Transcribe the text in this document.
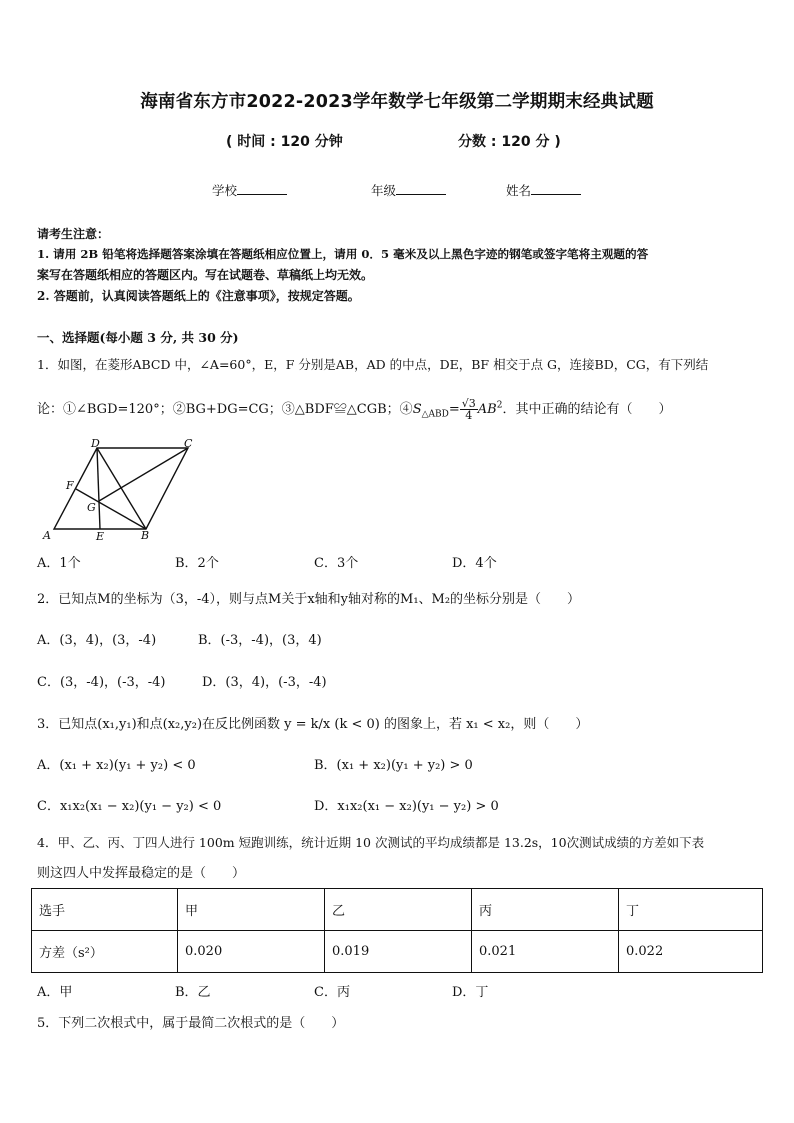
海南省东方市2022-2023学年数学七年级第二学期期末经典试题
( 时间 : 120 分钟	分数 : 120 分 )
学校	年级	姓名
请考生注意：
1. 请用 2B 铅笔将选择题答案涂填在答题纸相应位置上，请用 0．5 毫米及以上黑色字迹的钢笔或签字笔将主观题的答
案写在答题纸相应的答题区内。写在试题卷、草稿纸上均无效。
2. 答题前，认真阅读答题纸上的《注意事项》，按规定答题。
一、选择题(每小题 3 分, 共 30 分)
1．如图，在菱形ABCD 中，∠A=60°，E，F 分别是AB，AD 的中点，DE，BF 相交于点 G，连接BD，CG，有下列结
论：①∠BGD=120°；②BG+DG=CG；③△BDF≌△CGB；$④S_{\triangle ABD}= \frac{√3}{4} AB^2$．其中正确的结论有（　　）
A	B
C
D
E
F
G
A．1个	B．2个	C．3个	D．4个
2．已知点M的坐标为（3，-4），则与点M关于x轴和y轴对称的M₁、M₂的坐标分别是（　　）
A．(3，4)，(3，-4)	B．(-3，-4)，(3，4)
C．(3，-4)，(-3，-4)	D．(3，4)，(-3，-4)
3．已知点(x₁,y₁)和点(x₂,y₂)在反比例函数 y = k/x (k < 0) 的图象上，若 x₁ < x₂，则（　　）
A．(x₁ + x₂)(y₁ + y₂) < 0	B．(x₁ + x₂)(y₁ + y₂) > 0
C．x₁x₂(x₁ − x₂)(y₁ − y₂) < 0	D．x₁x₂(x₁ − x₂)(y₁ − y₂) > 0
4．甲、乙、丙、丁四人进行 100m 短跑训练，统计近期 10 次测试的平均成绩都是 13.2s，10次测试成绩的方差如下表
则这四人中发挥最稳定的是（　　）
选手	甲	乙	丙	丁
方差（s²）	0.020	0.019	0.021	0.022
A．甲	B．乙	C．丙	D．丁
5．下列二次根式中，属于最简二次根式的是（　　）
